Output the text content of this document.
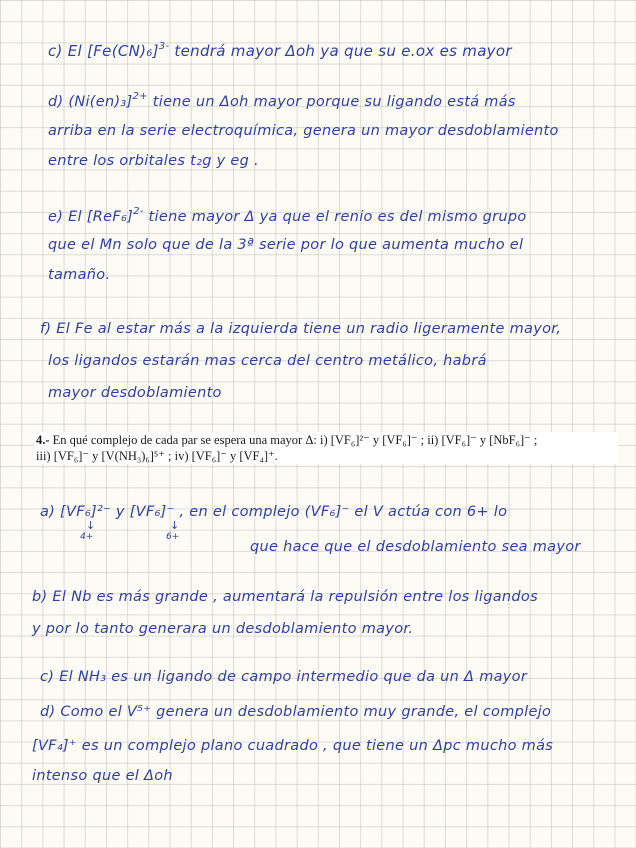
c) El $[Fe(CN)_6]^{3-}$ tendrá mayor Δoh ya que su e.ox es mayor
d) (Ni(en)₃]$^{2+}$ tiene un Δoh mayor porque su ligando está más
arriba en la serie electroquímica, genera un mayor desdoblamiento
entre los orbitales t₂g y eg .
e) El $[ReF_6]^{2-}$ tiene mayor Δ ya que el renio es del mismo grupo
que el Mn solo que de la 3ª serie por lo que aumenta mucho el
tamaño.
f) El Fe al estar más a la izquierda tiene un radio ligeramente mayor,
los ligandos estarán mas cerca del centro metálico, habrá
mayor desdoblamiento
4.- En qué complejo de cada par se espera una mayor Δ: i) [VF₆]²⁻ y [VF₆]⁻ ; ii) [VF₆]⁻ y [NbF₆]⁻ ;
iii) [VF₆]⁻ y [V(NH₃)₆]⁵⁺ ; iv) [VF₆]⁻ y [VF₄]⁺.
a) [VF₆]²⁻ y [VF₆]⁻ , en el complejo (VF₆]⁻ el V actúa con 6+ lo
↓
4+
↓
6+
que hace que el desdoblamiento sea mayor
b) El Nb es más grande , aumentará la repulsión entre los ligandos
y por lo tanto generara un desdoblamiento mayor.
c) El NH₃ es un ligando de campo intermedio que da un Δ mayor
d) Como el V⁵⁺ genera un desdoblamiento muy grande, el complejo
[VF₄]⁺ es un complejo plano cuadrado , que tiene un Δpc mucho más
intenso que el Δoh
